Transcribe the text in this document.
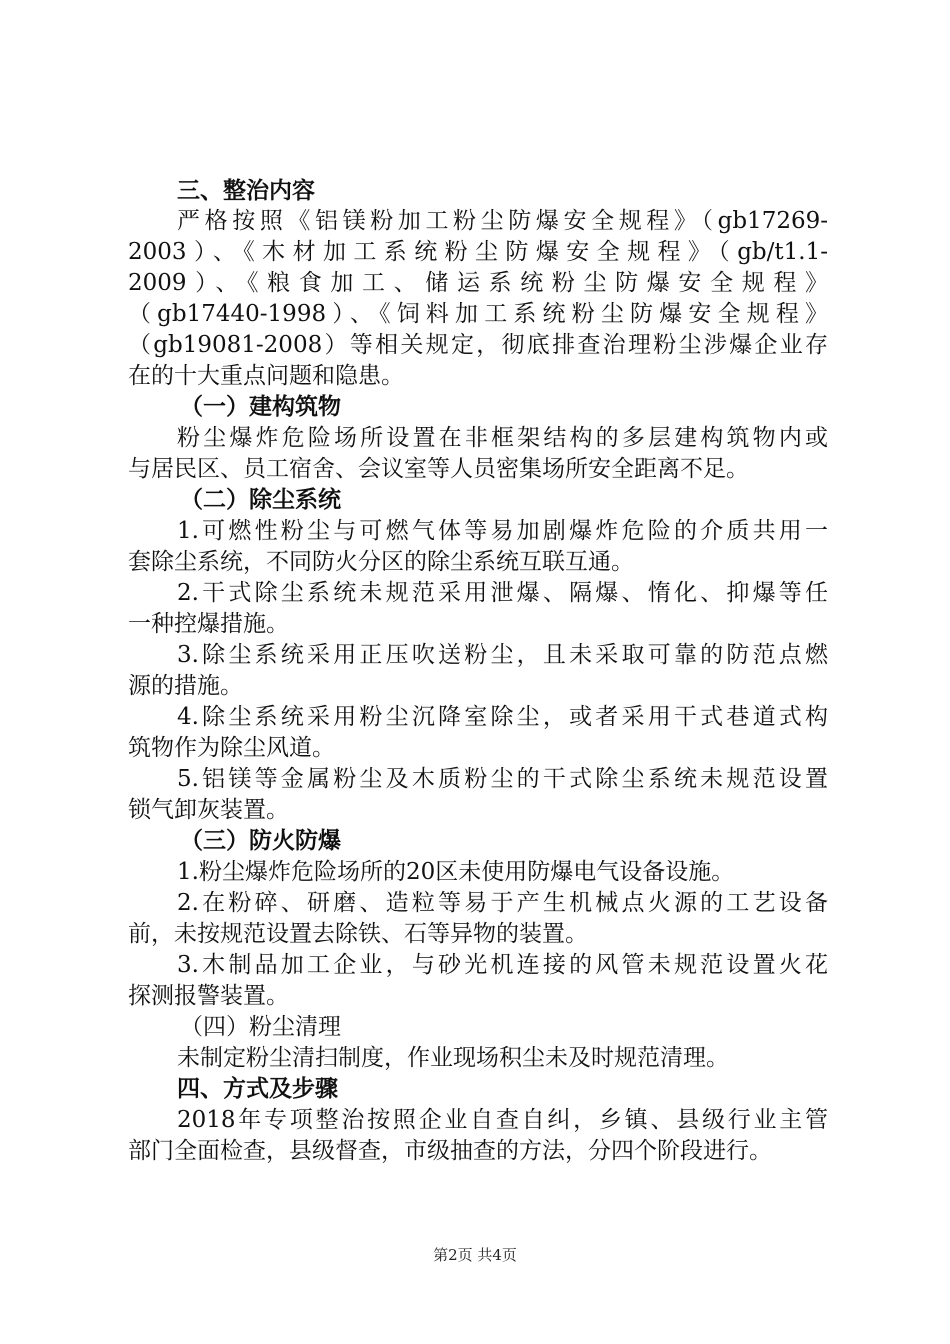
三、整治内容
严格按照《铝镁粉加工粉尘防爆安全规程》（gb17269-
2003）、《木材加工系统粉尘防爆安全规程》（gb/t1.1-
2009）、《粮食加工、储运系统粉尘防爆安全规程》
（gb17440-1998）、《饲料加工系统粉尘防爆安全规程》
（gb19081-2008）等相关规定，彻底排查治理粉尘涉爆企业存
在的十大重点问题和隐患。
（一）建构筑物
粉尘爆炸危险场所设置在非框架结构的多层建构筑物内或
与居民区、员工宿舍、会议室等人员密集场所安全距离不足。
（二）除尘系统
1.可燃性粉尘与可燃气体等易加剧爆炸危险的介质共用一
套除尘系统，不同防火分区的除尘系统互联互通。
2.干式除尘系统未规范采用泄爆、隔爆、惰化、抑爆等任
一种控爆措施。
3.除尘系统采用正压吹送粉尘，且未采取可靠的防范点燃
源的措施。
4.除尘系统采用粉尘沉降室除尘，或者采用干式巷道式构
筑物作为除尘风道。
5.铝镁等金属粉尘及木质粉尘的干式除尘系统未规范设置
锁气卸灰装置。
（三）防火防爆
1.粉尘爆炸危险场所的20区未使用防爆电气设备设施。
2.在粉碎、研磨、造粒等易于产生机械点火源的工艺设备
前，未按规范设置去除铁、石等异物的装置。
3.木制品加工企业，与砂光机连接的风管未规范设置火花
探测报警装置。
（四）粉尘清理
未制定粉尘清扫制度，作业现场积尘未及时规范清理。
四、方式及步骤
2018年专项整治按照企业自查自纠，乡镇、县级行业主管
部门全面检查，县级督查，市级抽查的方法，分四个阶段进行。
第2页 共4页
